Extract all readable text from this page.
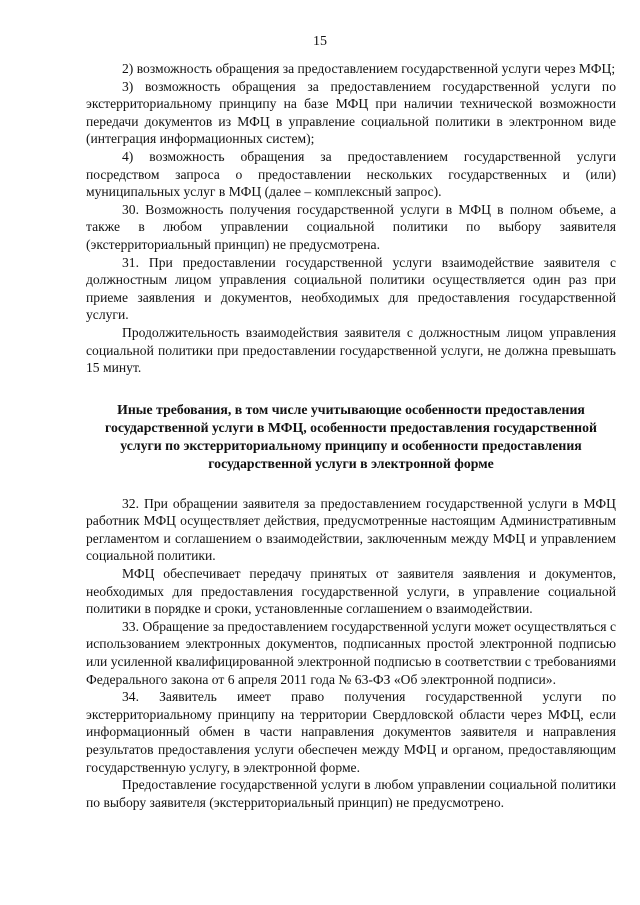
15

2) возможность обращения за предоставлением государственной услуги через МФЦ;

3) возможность обращения за предоставлением государственной услуги по экстерриториальному принципу на базе МФЦ при наличии технической возможности передачи документов из МФЦ в управление социальной политики в электронном виде (интеграция информационных систем);

4) возможность обращения за предоставлением государственной услуги посредством запроса о предоставлении нескольких государственных и (или) муниципальных услуг в МФЦ (далее – комплексный запрос).

30. Возможность получения государственной услуги в МФЦ в полном объеме, а также в любом управлении социальной политики по выбору заявителя (экстерриториальный принцип) не предусмотрена.

31. При предоставлении государственной услуги взаимодействие заявителя с должностным лицом управления социальной политики осуществляется один раз при приеме заявления и документов, необходимых для предоставления государственной услуги.

Продолжительность взаимодействия заявителя с должностным лицом управления социальной политики при предоставлении государственной услуги, не должна превышать 15 минут.

Иные требования, в том числе учитывающие особенности предоставления государственной услуги в МФЦ, особенности предоставления государственной услуги по экстерриториальному принципу и особенности предоставления государственной услуги в электронной форме

32. При обращении заявителя за предоставлением государственной услуги в МФЦ работник МФЦ осуществляет действия, предусмотренные настоящим Административным регламентом и соглашением о взаимодействии, заключенным между МФЦ и управлением социальной политики.

МФЦ обеспечивает передачу принятых от заявителя заявления и документов, необходимых для предоставления государственной услуги, в управление социальной политики в порядке и сроки, установленные соглашением о взаимодействии.

33. Обращение за предоставлением государственной услуги может осуществляться с использованием электронных документов, подписанных простой электронной подписью или усиленной квалифицированной электронной подписью в соответствии с требованиями Федерального закона от 6 апреля 2011 года № 63-ФЗ «Об электронной подписи».

34. Заявитель имеет право получения государственной услуги по экстерриториальному принципу на территории Свердловской области через МФЦ, если информационный обмен в части направления документов заявителя и направления результатов предоставления услуги обеспечен между МФЦ и органом, предоставляющим государственную услугу, в электронной форме.

Предоставление государственной услуги в любом управлении социальной политики по выбору заявителя (экстерриториальный принцип) не предусмотрено.
